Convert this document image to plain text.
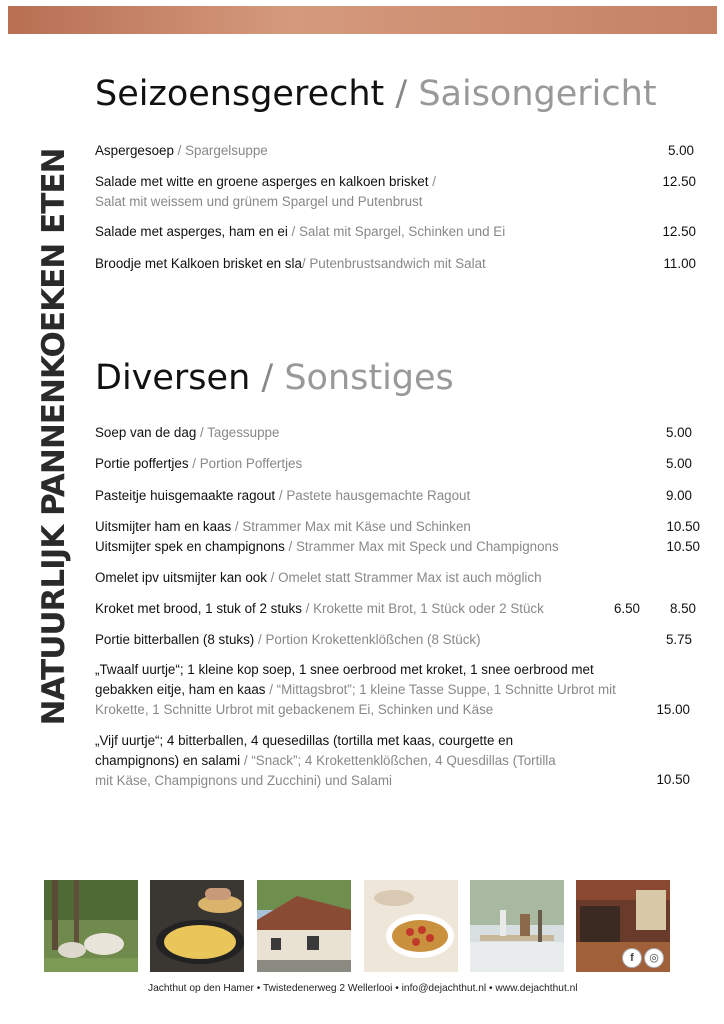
NATUURLIJK PANNENKOEKEN ETEN
Seizoensgerecht / Saisongericht
Aspergesoep / Spargelsuppe	5.00
Salade met witte en groene asperges en kalkoen brisket /
Salat mit weissem und grünem Spargel und Putenbrust
12.50
Salade met asperges, ham en ei / Salat mit Spargel, Schinken und Ei	12.50
Broodje met Kalkoen brisket en sla/ Putenbrustsandwich mit Salat	11.00
Diversen / Sonstiges
Soep van de dag / Tagessuppe	5.00
Portie poffertjes / Portion Poffertjes	5.00
Pasteitje huisgemaakte ragout / Pastete hausgemachte Ragout	9.00
Uitsmijter ham en kaas / Strammer Max mit Käse und Schinken	10.50
Uitsmijter spek en champignons / Strammer Max mit Speck und Champignons	10.50
Omelet ipv uitsmijter kan ook / Omelet statt Strammer Max ist auch möglich
Kroket met brood, 1 stuk of 2 stuks / Krokette mit Brot, 1 Stück oder 2 Stück	6.50	8.50
Portie bitterballen (8 stuks) / Portion Krokettenklößchen (8 Stück)	5.75
„Twaalf uurtje“; 1 kleine kop soep, 1 snee oerbrood met kroket, 1 snee oerbrood met gebakken eitje, ham en kaas / “Mittagsbrot”; 1 kleine Tasse Suppe, 1 Schnitte Urbrot mit Krokette, 1 Schnitte Urbrot mit gebackenem Ei, Schinken und Käse	15.00
„Vijf uurtje“; 4 bitterballen, 4 quesedillas (tortilla met kaas, courgette en champignons) en salami / “Snack”; 4 Krokettenklößchen, 4 Quesdillas (Tortilla mit Käse, Champignons und Zucchini) und Salami	10.50
f	◎
Jachthut op den Hamer • Twistedenerweg 2 Wellerlooi • info@dejachthut.nl • www.dejachthut.nl
